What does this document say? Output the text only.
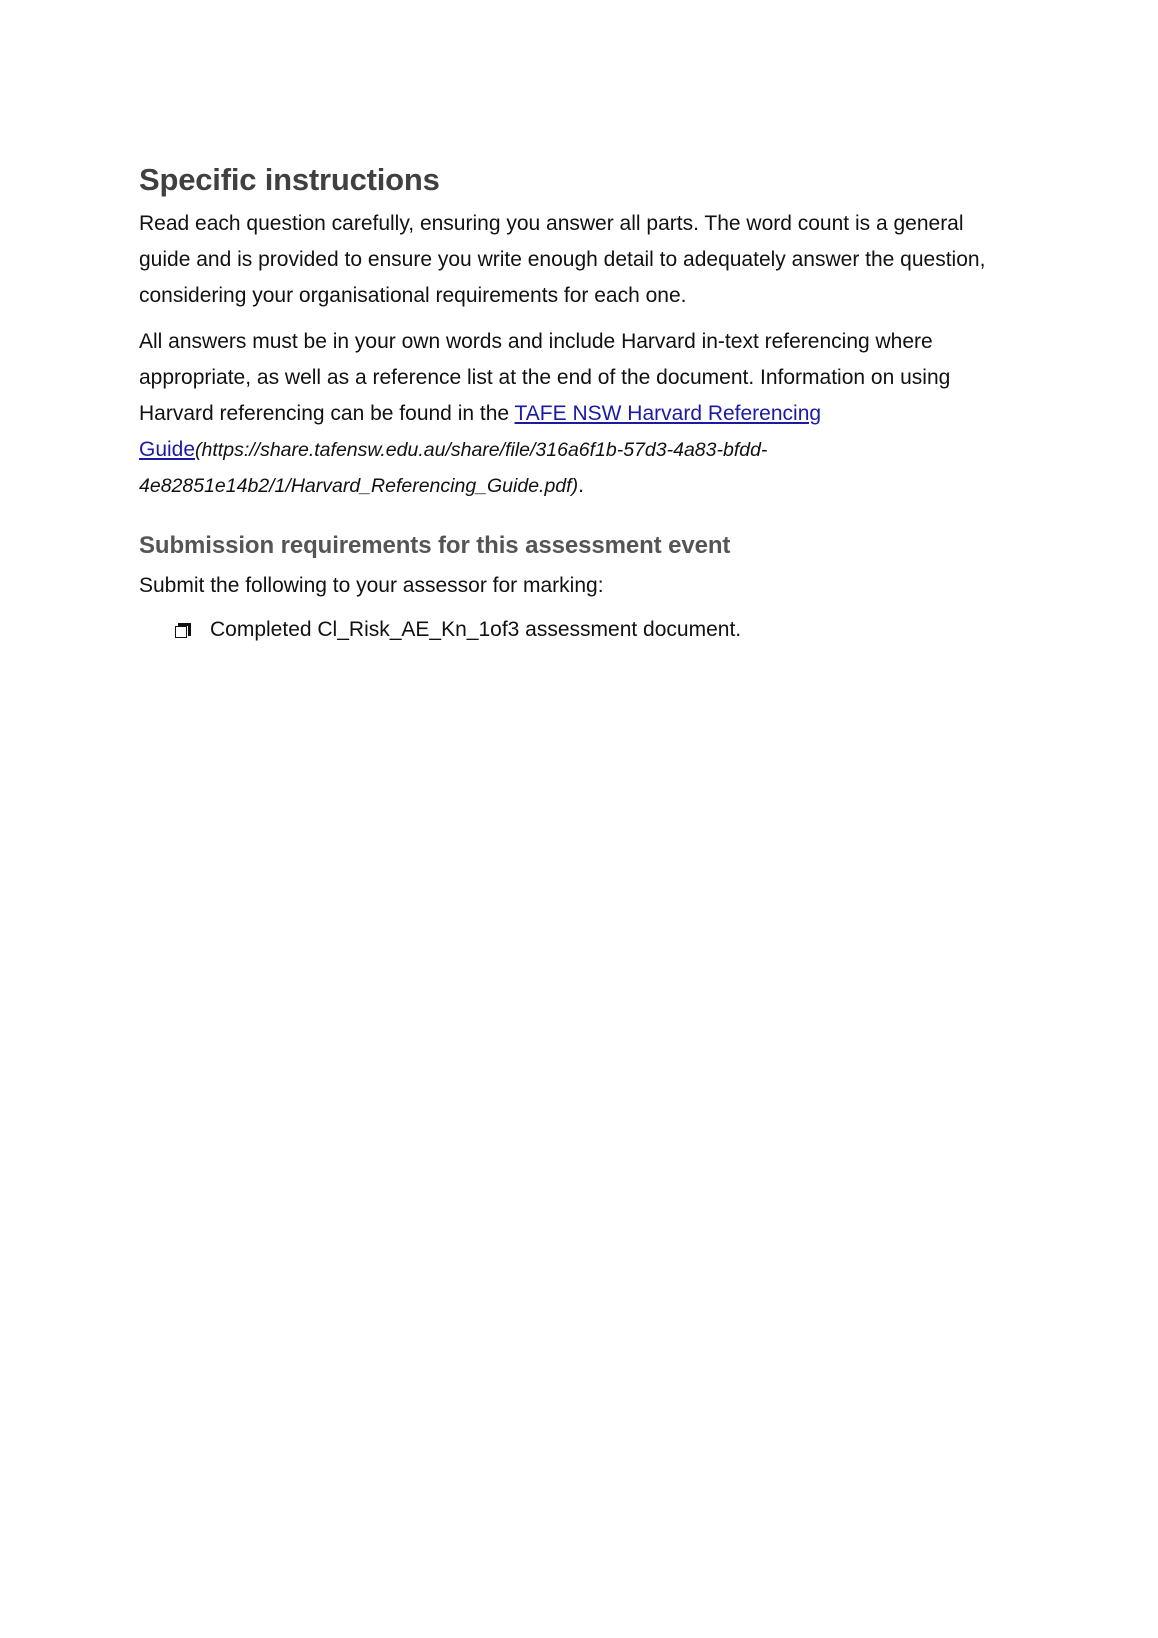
Specific instructions

Read each question carefully, ensuring you answer all parts. The word count is a general guide and is provided to ensure you write enough detail to adequately answer the question, considering your organisational requirements for each one.

All answers must be in your own words and include Harvard in-text referencing where appropriate, as well as a reference list at the end of the document. Information on using Harvard referencing can be found in the TAFE NSW Harvard Referencing Guide(https://share.tafensw.edu.au/share/file/316a6f1b-57d3-4a83-bfdd-4e82851e14b2/1/Harvard_Referencing_Guide.pdf).

Submission requirements for this assessment event

Submit the following to your assessor for marking:

Completed Cl_Risk_AE_Kn_1of3 assessment document.
